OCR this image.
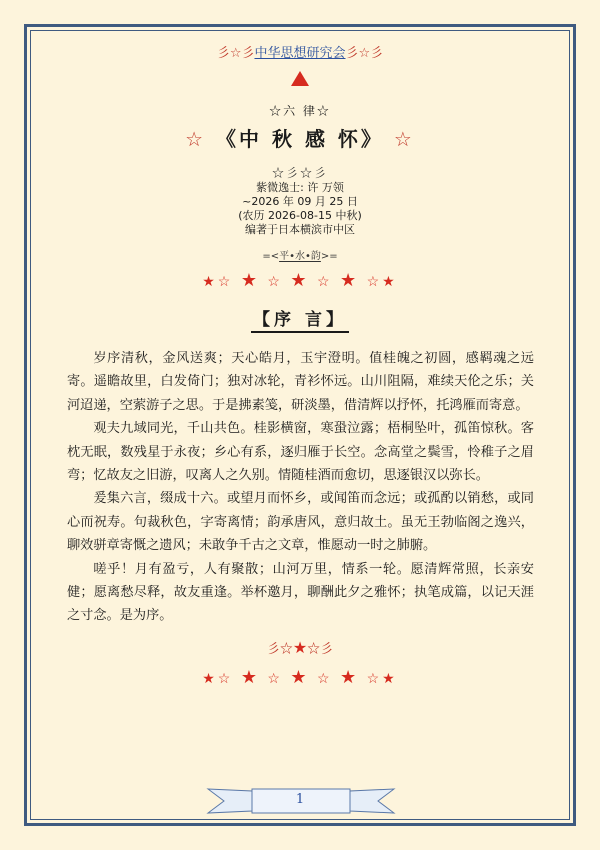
彡☆彡中华思想研究会彡☆彡
☆六 律☆
☆ 《中 秋 感 怀》 ☆
☆彡☆彡
紫微逸士: 许 万领
~2026 年 09 月 25 日
(农历 2026-08-15 中秋)
编著于日本横滨市中区
=<平•水•韵>=
★☆ ★ ☆ ★ ☆ ★ ☆★
【序 言】

岁序清秋，金风送爽；天心皓月，玉宇澄明。值桂魄之初圆，感羁魂之远寄。遥瞻故里，白发倚门；独对冰轮，青衫怀远。山川阻隔，难续天伦之乐；关河迢递，空萦游子之思。于是拂素笺，研淡墨，借清辉以抒怀，托鸿雁而寄意。

观夫九域同光，千山共色。桂影横窗，寒蛩泣露；梧桐坠叶，孤笛惊秋。客枕无眠，数残星于永夜；乡心有系，逐归雁于长空。念高堂之鬓雪，怜稚子之眉弯；忆故友之旧游，叹离人之久别。情随桂酒而愈切，思逐银汉以弥长。

爰集六言，缀成十六。或望月而怀乡，或闻笛而念远；或孤酌以销愁，或同心而祝寿。句裁秋色，字寄离情；韵承唐风，意归故土。虽无王勃临阁之逸兴，聊效骈章寄慨之遗风；未敢争千古之文章，惟愿动一时之肺腑。

嗟乎！月有盈亏，人有聚散；山河万里，情系一轮。愿清辉常照，长亲安健；愿离愁尽释，故友重逢。举杯邀月，聊酬此夕之雅怀；执笔成篇，以记天涯之寸念。是为序。

彡☆★☆彡
★☆ ★ ☆ ★ ☆ ★ ☆★
1
